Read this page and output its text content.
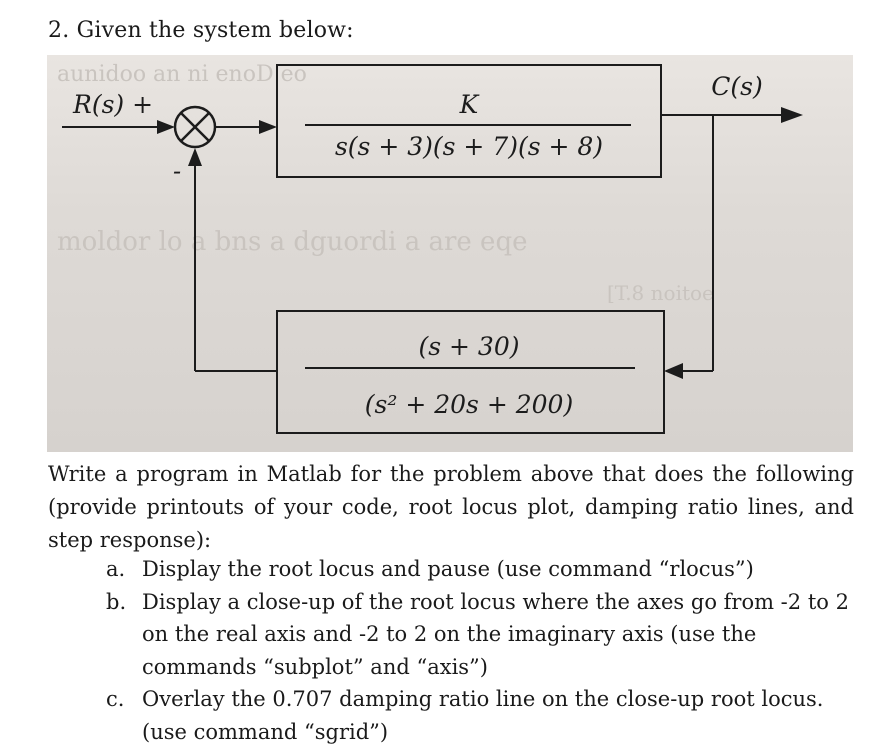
2. Given the system below:
aunidoo an ni enoD eo
moldor lo a bns a dguordi a are eqe
[T.8 noitoe
K
s(s + 3)(s + 7)(s + 8)
(s + 30)
(s² + 20s + 200)
R(s) +
-
C(s)
Write a program in Matlab for the problem above that does the following (provide printouts of your code, root locus plot, damping ratio lines, and step response):
a. Display the root locus and pause (use command “rlocus”)
b. Display a close-up of the root locus where the axes go from -2 to 2 on the real axis and -2 to 2 on the imaginary axis (use the commands “subplot” and “axis”)
c. Overlay the 0.707 damping ratio line on the close-up root locus. (use command “sgrid”)
